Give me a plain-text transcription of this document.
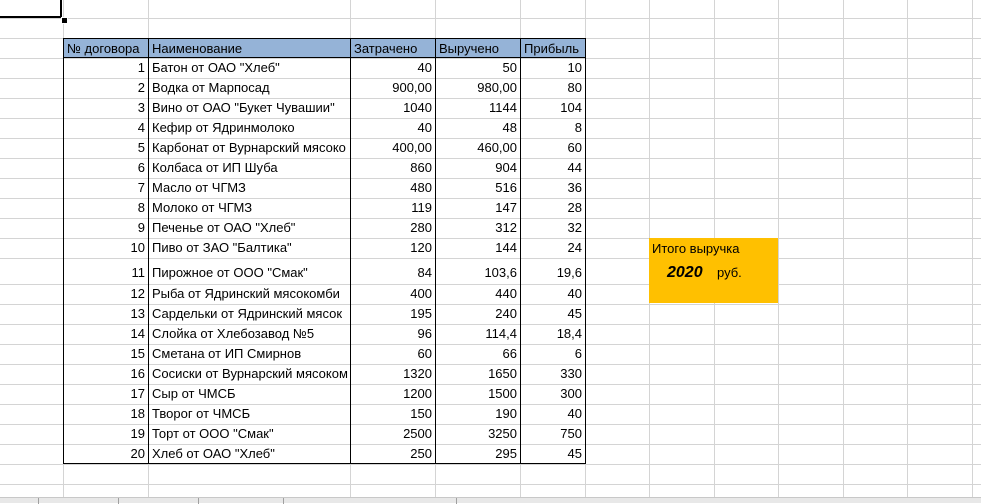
№ договора Наименование	Затрачено	Выручено	Прибыль
1 Батон от ОАО "Хлеб"	40	50	10
2 Водка от Марпосад	900,00	980,00	80
3 Вино от ОАО "Букет Чувашии"	1040	1144	104
4 Кефир от Ядринмолоко	40	48	8
5 Карбонат от Вурнарский мясоко	400,00	460,00	60
6 Колбаса от ИП Шуба	860	904	44
7 Масло от ЧГМЗ	480	516	36
8 Молоко от ЧГМЗ	119	147	28
9 Печенье от ОАО "Хлеб"	280	312	32
10 Пиво от ЗАО "Балтика"	120	144	24
11 Пирожное от ООО "Смак"	84	103,6	19,6
12 Рыба от Ядринский мясокомби	400	440	40
13 Сардельки от Ядринский мясок	195	240	45
14 Слойка от Хлебозавод №5	96	114,4	18,4
15 Сметана от ИП Смирнов	60	66	6
16 Сосиски от Вурнарский мясоком	1320	1650	330
17 Сыр от ЧМСБ	1200	1500	300
18 Творог от ЧМСБ	150	190	40
19 Торт от ООО "Смак"	2500	3250	750
20 Хлеб от ОАО "Хлеб"	250	295	45
Итого выручка
2020 руб.
